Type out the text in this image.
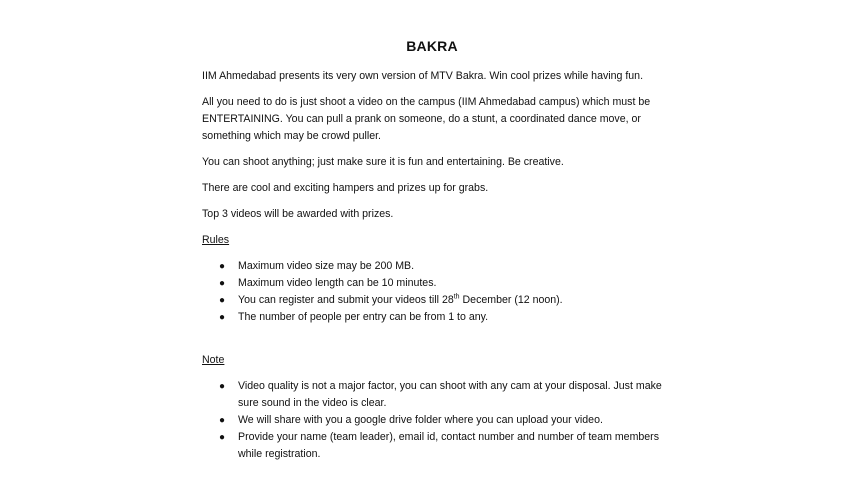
BAKRA

IIM Ahmedabad presents its very own version of MTV Bakra. Win cool prizes while having fun.

All you need to do is just shoot a video on the campus (IIM Ahmedabad campus) which must be ENTERTAINING. You can pull a prank on someone, do a stunt, a coordinated dance move, or something which may be crowd puller.

You can shoot anything; just make sure it is fun and entertaining. Be creative.

There are cool and exciting hampers and prizes up for grabs.

Top 3 videos will be awarded with prizes.

Rules
● Maximum video size may be 200 MB.
● Maximum video length can be 10 minutes.
● You can register and submit your videos till 28th December (12 noon).
● The number of people per entry can be from 1 to any.
Note
● Video quality is not a major factor, you can shoot with any cam at your disposal. Just make sure sound in the video is clear.
● We will share with you a google drive folder where you can upload your video.
● Provide your name (team leader), email id, contact number and number of team members while registration.
